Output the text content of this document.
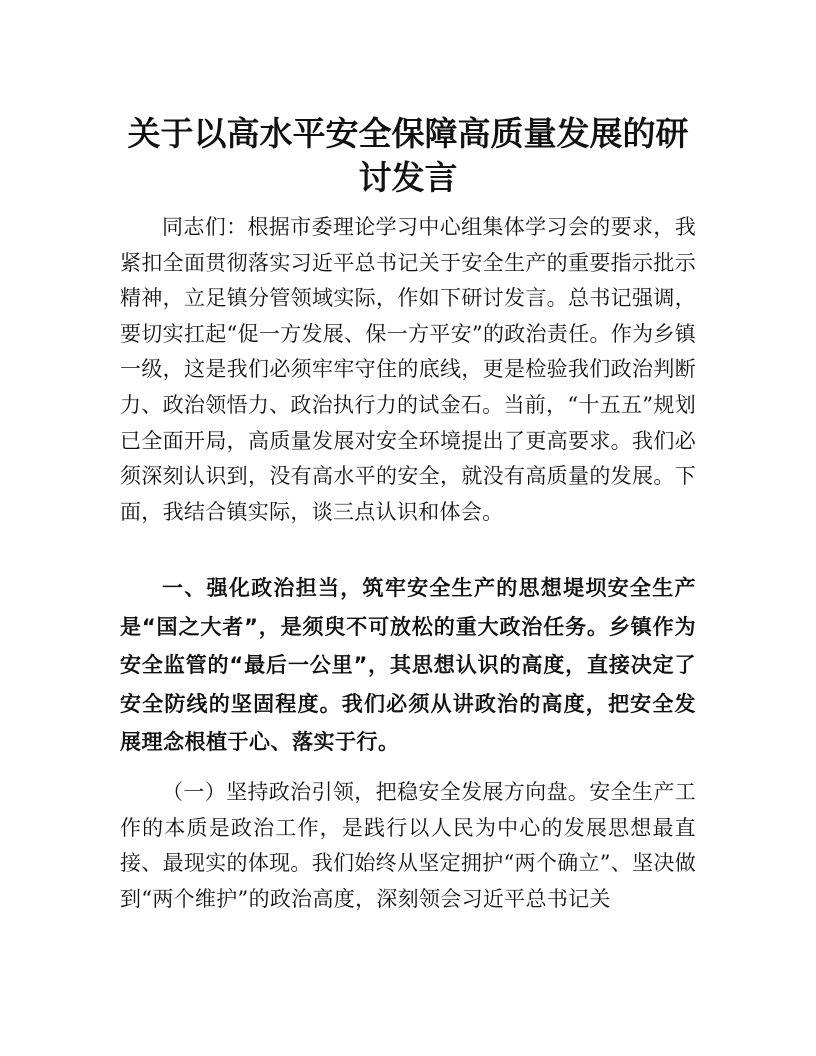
关于以高水平安全保障高质量发展的研讨发言

同志们：根据市委理论学习中心组集体学习会的要求，我紧扣全面贯彻落实习近平总书记关于安全生产的重要指示批示精神，立足镇分管领域实际，作如下研讨发言。总书记强调，要切实扛起“促一方发展、保一方平安”的政治责任。作为乡镇一级，这是我们必须牢牢守住的底线，更是检验我们政治判断力、政治领悟力、政治执行力的试金石。当前，“十五五”规划已全面开局，高质量发展对安全环境提出了更高要求。我们必须深刻认识到，没有高水平的安全，就没有高质量的发展。下面，我结合镇实际，谈三点认识和体会。

一、强化政治担当，筑牢安全生产的思想堤坝安全生产是“国之大者”，是须臾不可放松的重大政治任务。乡镇作为安全监管的“最后一公里”，其思想认识的高度，直接决定了安全防线的坚固程度。我们必须从讲政治的高度，把安全发展理念根植于心、落实于行。

（一）坚持政治引领，把稳安全发展方向盘。安全生产工作的本质是政治工作，是践行以人民为中心的发展思想最直接、最现实的体现。我们始终从坚定拥护“两个确立”、坚决做到“两个维护”的政治高度，深刻领会习近平总书记关
